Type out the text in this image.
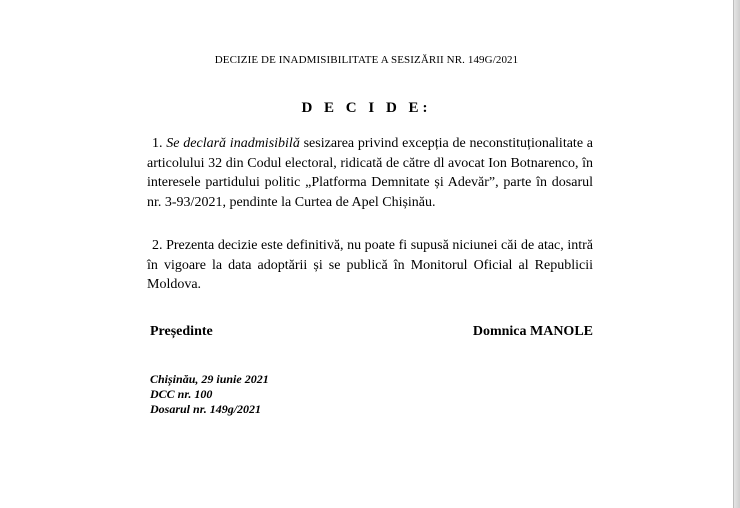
DECIZIE DE INADMISIBILITATE A SESIZĂRII NR. 149G/2021
D E C I D E:

1. Se declară inadmisibilă sesizarea privind excepția de neconstituționalitate a articolului 32 din Codul electoral, ridicată de către dl avocat Ion Botnarenco, în interesele partidului politic „Platforma Demnitate și Adevăr”, parte în dosarul nr. 3-93/2021, pendinte la Curtea de Apel Chișinău.

2. Prezenta decizie este definitivă, nu poate fi supusă niciunei căi de atac, intră în vigoare la data adoptării și se publică în Monitorul Oficial al Republicii Moldova.

Președinte	Domnica MANOLE
Chișinău, 29 iunie 2021
DCC nr. 100
Dosarul nr. 149g/2021
